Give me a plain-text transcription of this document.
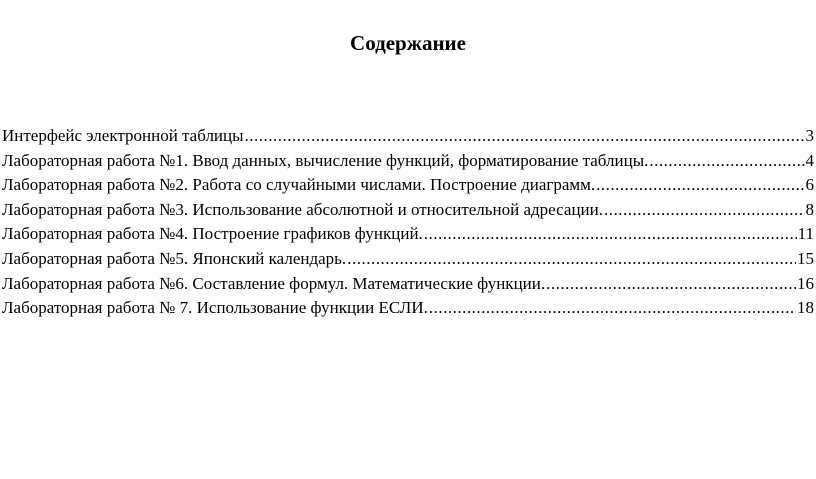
Содержание
Интерфейс электронной таблицы .....	3
Лабораторная работа №1. Ввод данных, вычисление функций, форматирование таблицы. .....	4
Лабораторная работа №2. Работа со случайными числами. Построение диаграмм. .....	6
Лабораторная работа №3. Использование абсолютной и относительной адресации. .....	8
Лабораторная работа №4. Построение графиков функций. .....	11
Лабораторная работа №5. Японский календарь. .....	15
Лабораторная работа №6. Составление формул. Математические функции. .....	16
Лабораторная работа № 7. Использование функции ЕСЛИ. .....	18
